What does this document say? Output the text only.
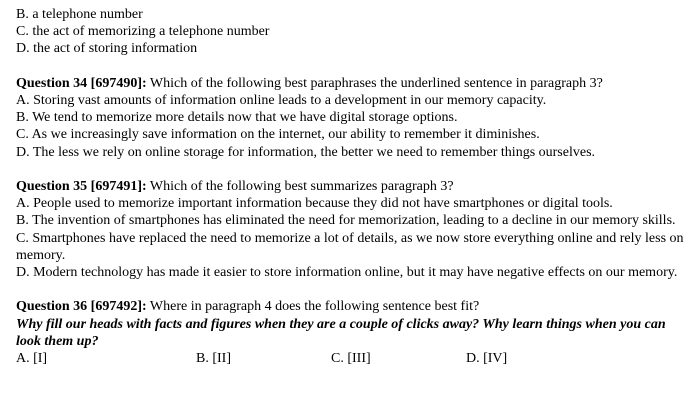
B. a telephone number
C. the act of memorizing a telephone number
D. the act of storing information
Question 34 [697490]: Which of the following best paraphrases the underlined sentence in paragraph 3?
A. Storing vast amounts of information online leads to a development in our memory capacity.
B. We tend to memorize more details now that we have digital storage options.
C. As we increasingly save information on the internet, our ability to remember it diminishes.
D. The less we rely on online storage for information, the better we need to remember things ourselves.
Question 35 [697491]: Which of the following best summarizes paragraph 3?
A. People used to memorize important information because they did not have smartphones or digital tools.
B. The invention of smartphones has eliminated the need for memorization, leading to a decline in our memory skills.
C. Smartphones have replaced the need to memorize a lot of details, as we now store everything online and rely less on memory.
D. Modern technology has made it easier to store information online, but it may have negative effects on our memory.
Question 36 [697492]: Where in paragraph 4 does the following sentence best fit?
Why fill our heads with facts and figures when they are a couple of clicks away? Why learn things when you can look them up?
A. [I]	B. [II]	C. [III]	D. [IV]
